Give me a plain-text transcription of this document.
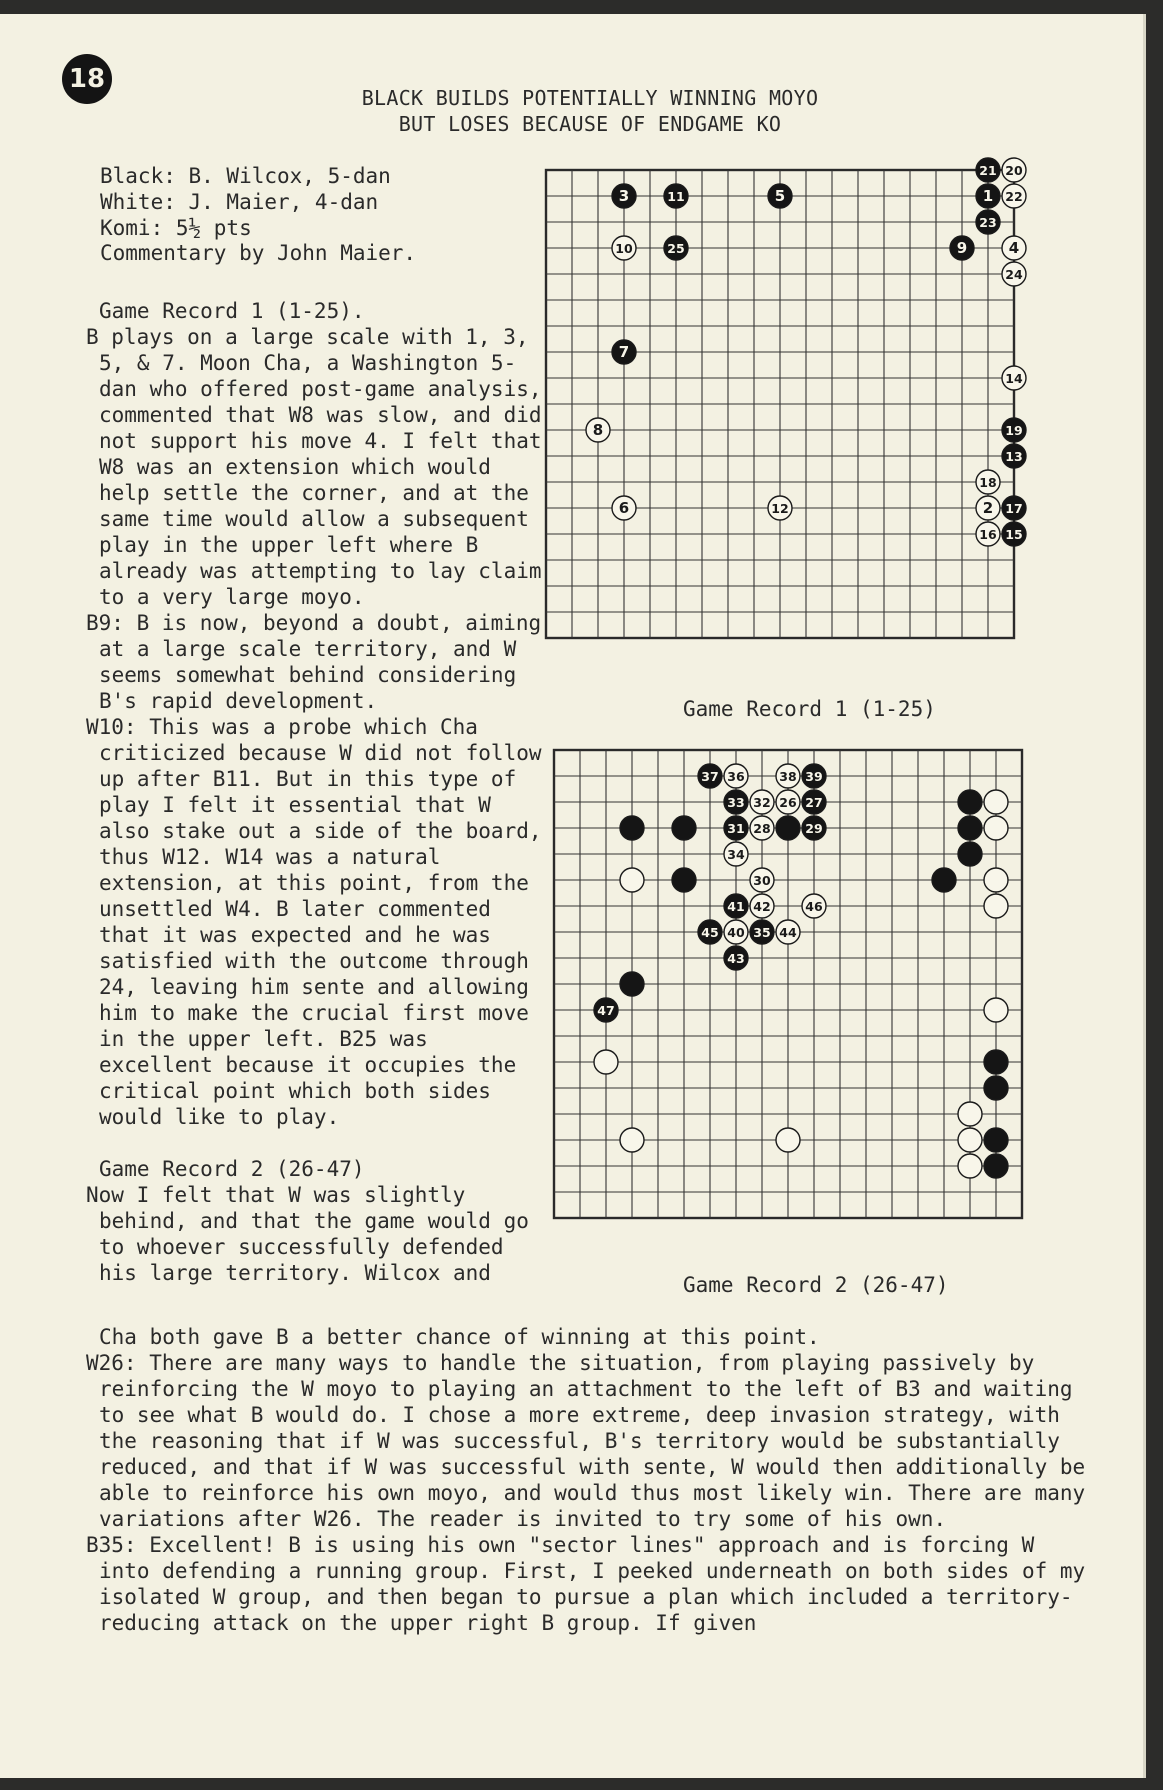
18
BLACK BUILDS POTENTIALLY WINNING MOYO
BUT LOSES BECAUSE OF ENDGAME KO
Black: B. Wilcox, 5-dan
White: J. Maier, 4-dan
Komi: 5½ pts
Commentary by John Maier.

Game Record 1 (1-25).

B plays on a large scale with 1, 3, 5, & 7. Moon Cha, a Washington 5-dan who offered post-game analysis, commented that W8 was slow, and did not support his move 4. I felt that W8 was an extension which would help settle the corner, and at the same time would allow a subsequent play in the upper left where B already was attempting to lay claim to a very large moyo.

B9: B is now, beyond a doubt, aiming at a large scale territory, and W seems somewhat behind considering B's rapid development.

W10: This was a probe which Cha criticized because W did not follow up after B11. But in this type of play I felt it essential that W also stake out a side of the board, thus W12. W14 was a natural extension, at this point, from the unsettled W4. B later commented that it was expected and he was satisfied with the outcome through 24, leaving him sente and allowing him to make the crucial first move in the upper left. B25 was excellent because it occupies the critical point which both sides would like to play.

Game Record 2 (26-47)

Now I felt that W was slightly behind, and that the game would go to whoever successfully defended his large territory. Wilcox and

Cha both gave B a better chance of winning at this point.

W26: There are many ways to handle the situation, from playing passively by reinforcing the W moyo to playing an attachment to the left of B3 and waiting to see what B would do. I chose a more extreme, deep invasion strategy, with the reasoning that if W was successful, B's territory would be substantially reduced, and that if W was successful with sente, W would then additionally be able to reinforce his own moyo, and would thus most likely win. There are many variations after W26. The reader is invited to try some of his own.

B35: Excellent! B is using his own "sector lines" approach and is forcing W into defending a running group. First, I peeked underneath on both sides of my isolated W group, and then began to pursue a plan which included a territory-reducing attack on the upper right B group. If given

21 20
3	11	5	1 22
23
10	25	9	4
24
7
14
8	19
13
18
6	12	2 17
16 15
Game Record 1 (1-25)
37 36	38 39
33 32 26 27
31 28	29
34
30
41 42	46
45 40 35 44
43
47
Game Record 2 (26-47)
